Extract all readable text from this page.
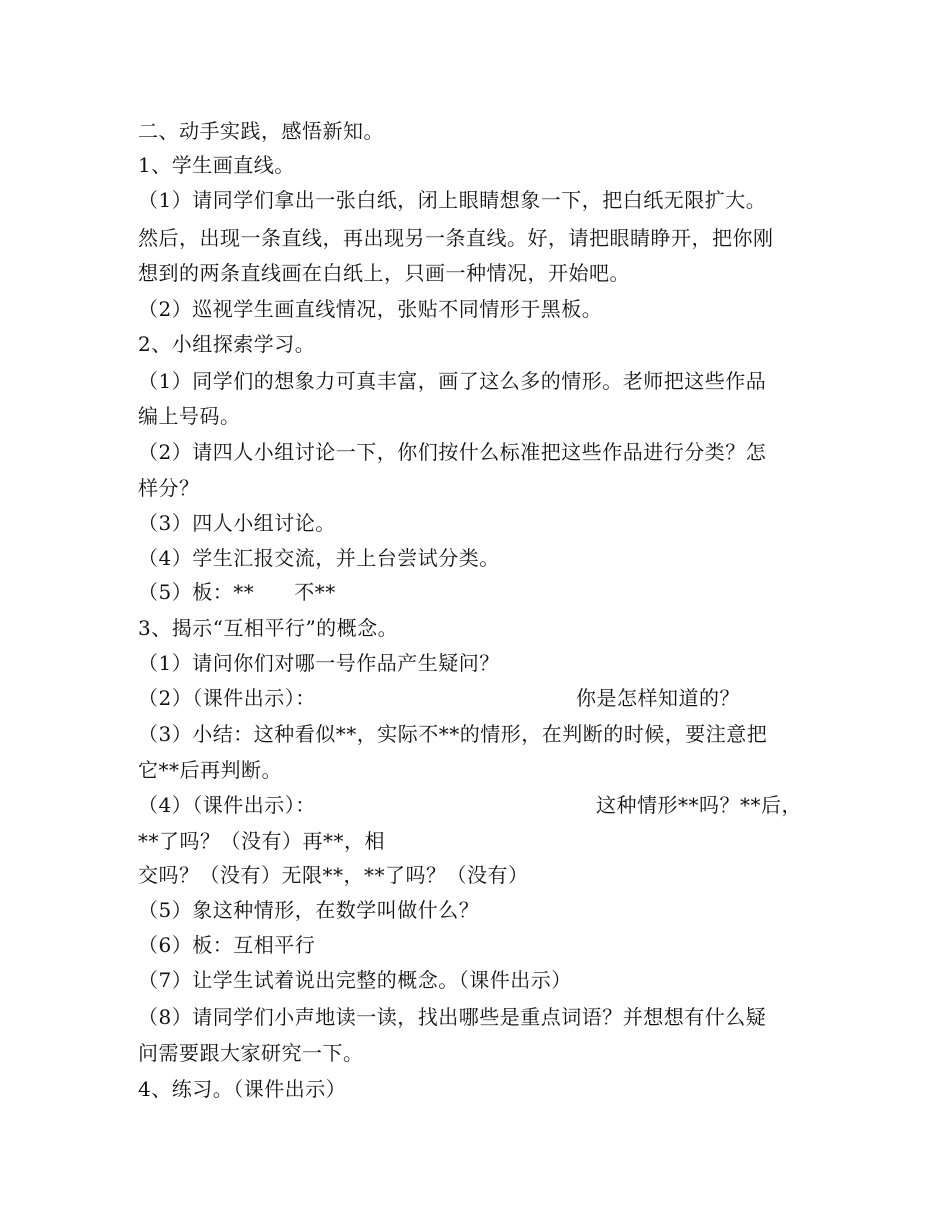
二、动手实践，感悟新知。
1、学生画直线。
（1）请同学们拿出一张白纸，闭上眼睛想象一下，把白纸无限扩大。
然后，出现一条直线，再出现另一条直线。好，请把眼睛睁开，把你刚
想到的两条直线画在白纸上，只画一种情况，开始吧。
（2）巡视学生画直线情况，张贴不同情形于黑板。
2、小组探索学习。
（1）同学们的想象力可真丰富，画了这么多的情形。老师把这些作品
编上号码。
（2）请四人小组讨论一下，你们按什么标准把这些作品进行分类？怎
样分？
（3）四人小组讨论。
（4）学生汇报交流，并上台尝试分类。
（5）板：** 不**
3、揭示“互相平行”的概念。
（1）请问你们对哪一号作品产生疑问？
（2）（课件出示）：	你是怎样知道的？
（3）小结：这种看似**，实际不**的情形，在判断的时候，要注意把
它**后再判断。
（4）（课件出示）：	这种情形**吗？**后，
**了吗？（没有）再**，相
交吗？（没有）无限**，**了吗？（没有）
（5）象这种情形，在数学叫做什么？
（6）板：互相平行
（7）让学生试着说出完整的概念。（课件出示）
（8）请同学们小声地读一读，找出哪些是重点词语？并想想有什么疑
问需要跟大家研究一下。
4、练习。（课件出示）
